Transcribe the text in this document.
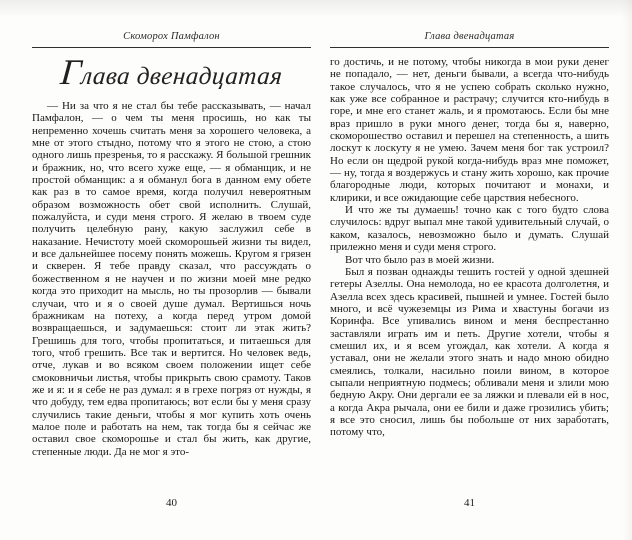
Скоморох Памфалон
Глава двенадцатая

— Ни за что я не стал бы тебе рассказывать, — начал Памфалон, — о чем ты меня просишь, но как ты непременно хочешь считать меня за хорошего человека, а мне от этого стыдно, потому что я этого не стою, а стою одного лишь презренья, то я расскажу. Я большой грешник и бражник, но, что всего хуже еще, — я обманщик, и не простой обманщик: а я обманул бога в данном ему обете как раз в то самое время, когда получил невероятным образом возможность обет свой исполнить. Слушай, пожалуйста, и суди меня строго. Я желаю в твоем суде получить целебную рану, какую заслужил себе в наказание. Нечистоту моей скоморошьей жизни ты видел, и все дальнейшее посему понять можешь. Кругом я грязен и скверен. Я тебе правду сказал, что рассуждать о божественном я не научен и по жизни моей мне редко когда это приходит на мысль, но ты прозорлив — бывали случаи, что и я о своей душе думал. Вертишься ночь бражникам на потеху, а когда перед утром домой возвращаешься, и задумаешься: стоит ли этак жить? Грешишь для того, чтобы пропитаться, и питаешься для того, чтоб грешить. Все так и вертится. Но человек ведь, отче, лукав и во всяком своем положении ищет себе смоковничьи листья, чтобы прикрыть свою срамоту. Таков же и я: и я себе не раз думал: я в грехе погряз от нужды, я что добуду, тем едва пропитаюсь; вот если бы у меня сразу случились такие деньги, чтобы я мог купить хоть очень малое поле и работать на нем, так тогда бы я сейчас же оставил свое скоморошье и стал бы жить, как другие, степенные люди. Да не мог я это-

Глава двенадцатая

го достичь, и не потому, чтобы никогда в мои руки денег не попадало, — нет, деньги бывали, а всегда что-нибудь такое случалось, что я не успею собрать сколько нужно, как уже все собранное и растрачу; случится кто-нибудь в горе, и мне его станет жаль, и я промотаюсь. Если бы мне враз пришло в руки много денег, тогда бы я, наверно, скоморошество оставил и перешел на степенность, а шить лоскут к лоскуту я не умею. Зачем меня бог так устроил? Но если он щедрой рукой когда-нибудь враз мне поможет, — ну, тогда я воздержусь и стану жить хорошо, как прочие благородные люди, которых почитают и монахи, и клирики, и все ожидающие себе царствия небесного.

И что же ты думаешь! точно как с того будто слова случилось: вдруг выпал мне такой удивительный случай, о каком, казалось, невозможно было и думать. Слушай прилежно меня и суди меня строго.

Вот что было раз в моей жизни.

Был я позван однажды тешить гостей у одной здешней гетеры Азеллы. Она немолода, но ее красота долголетня, и Азелла всех здесь красивей, пышней и умнее. Гостей было много, и всё чужеземцы из Рима и хвастуны богачи из Коринфа. Все упивались вином и меня беспрестанно заставляли играть им и петь. Другие хотели, чтобы я смешил их, и я всем угождал, как хотели. А когда я уставал, они не желали этого знать и надо мною обидно смеялись, толкали, насильно поили вином, в которое сыпали неприятную подмесь; обливали меня и злили мою бедную Акру. Они дергали ее за ляжки и плевали ей в нос, а когда Акра рычала, они ее били и даже грозились убить; я все это сносил, лишь бы побольше от них заработать, потому что,

40	41
